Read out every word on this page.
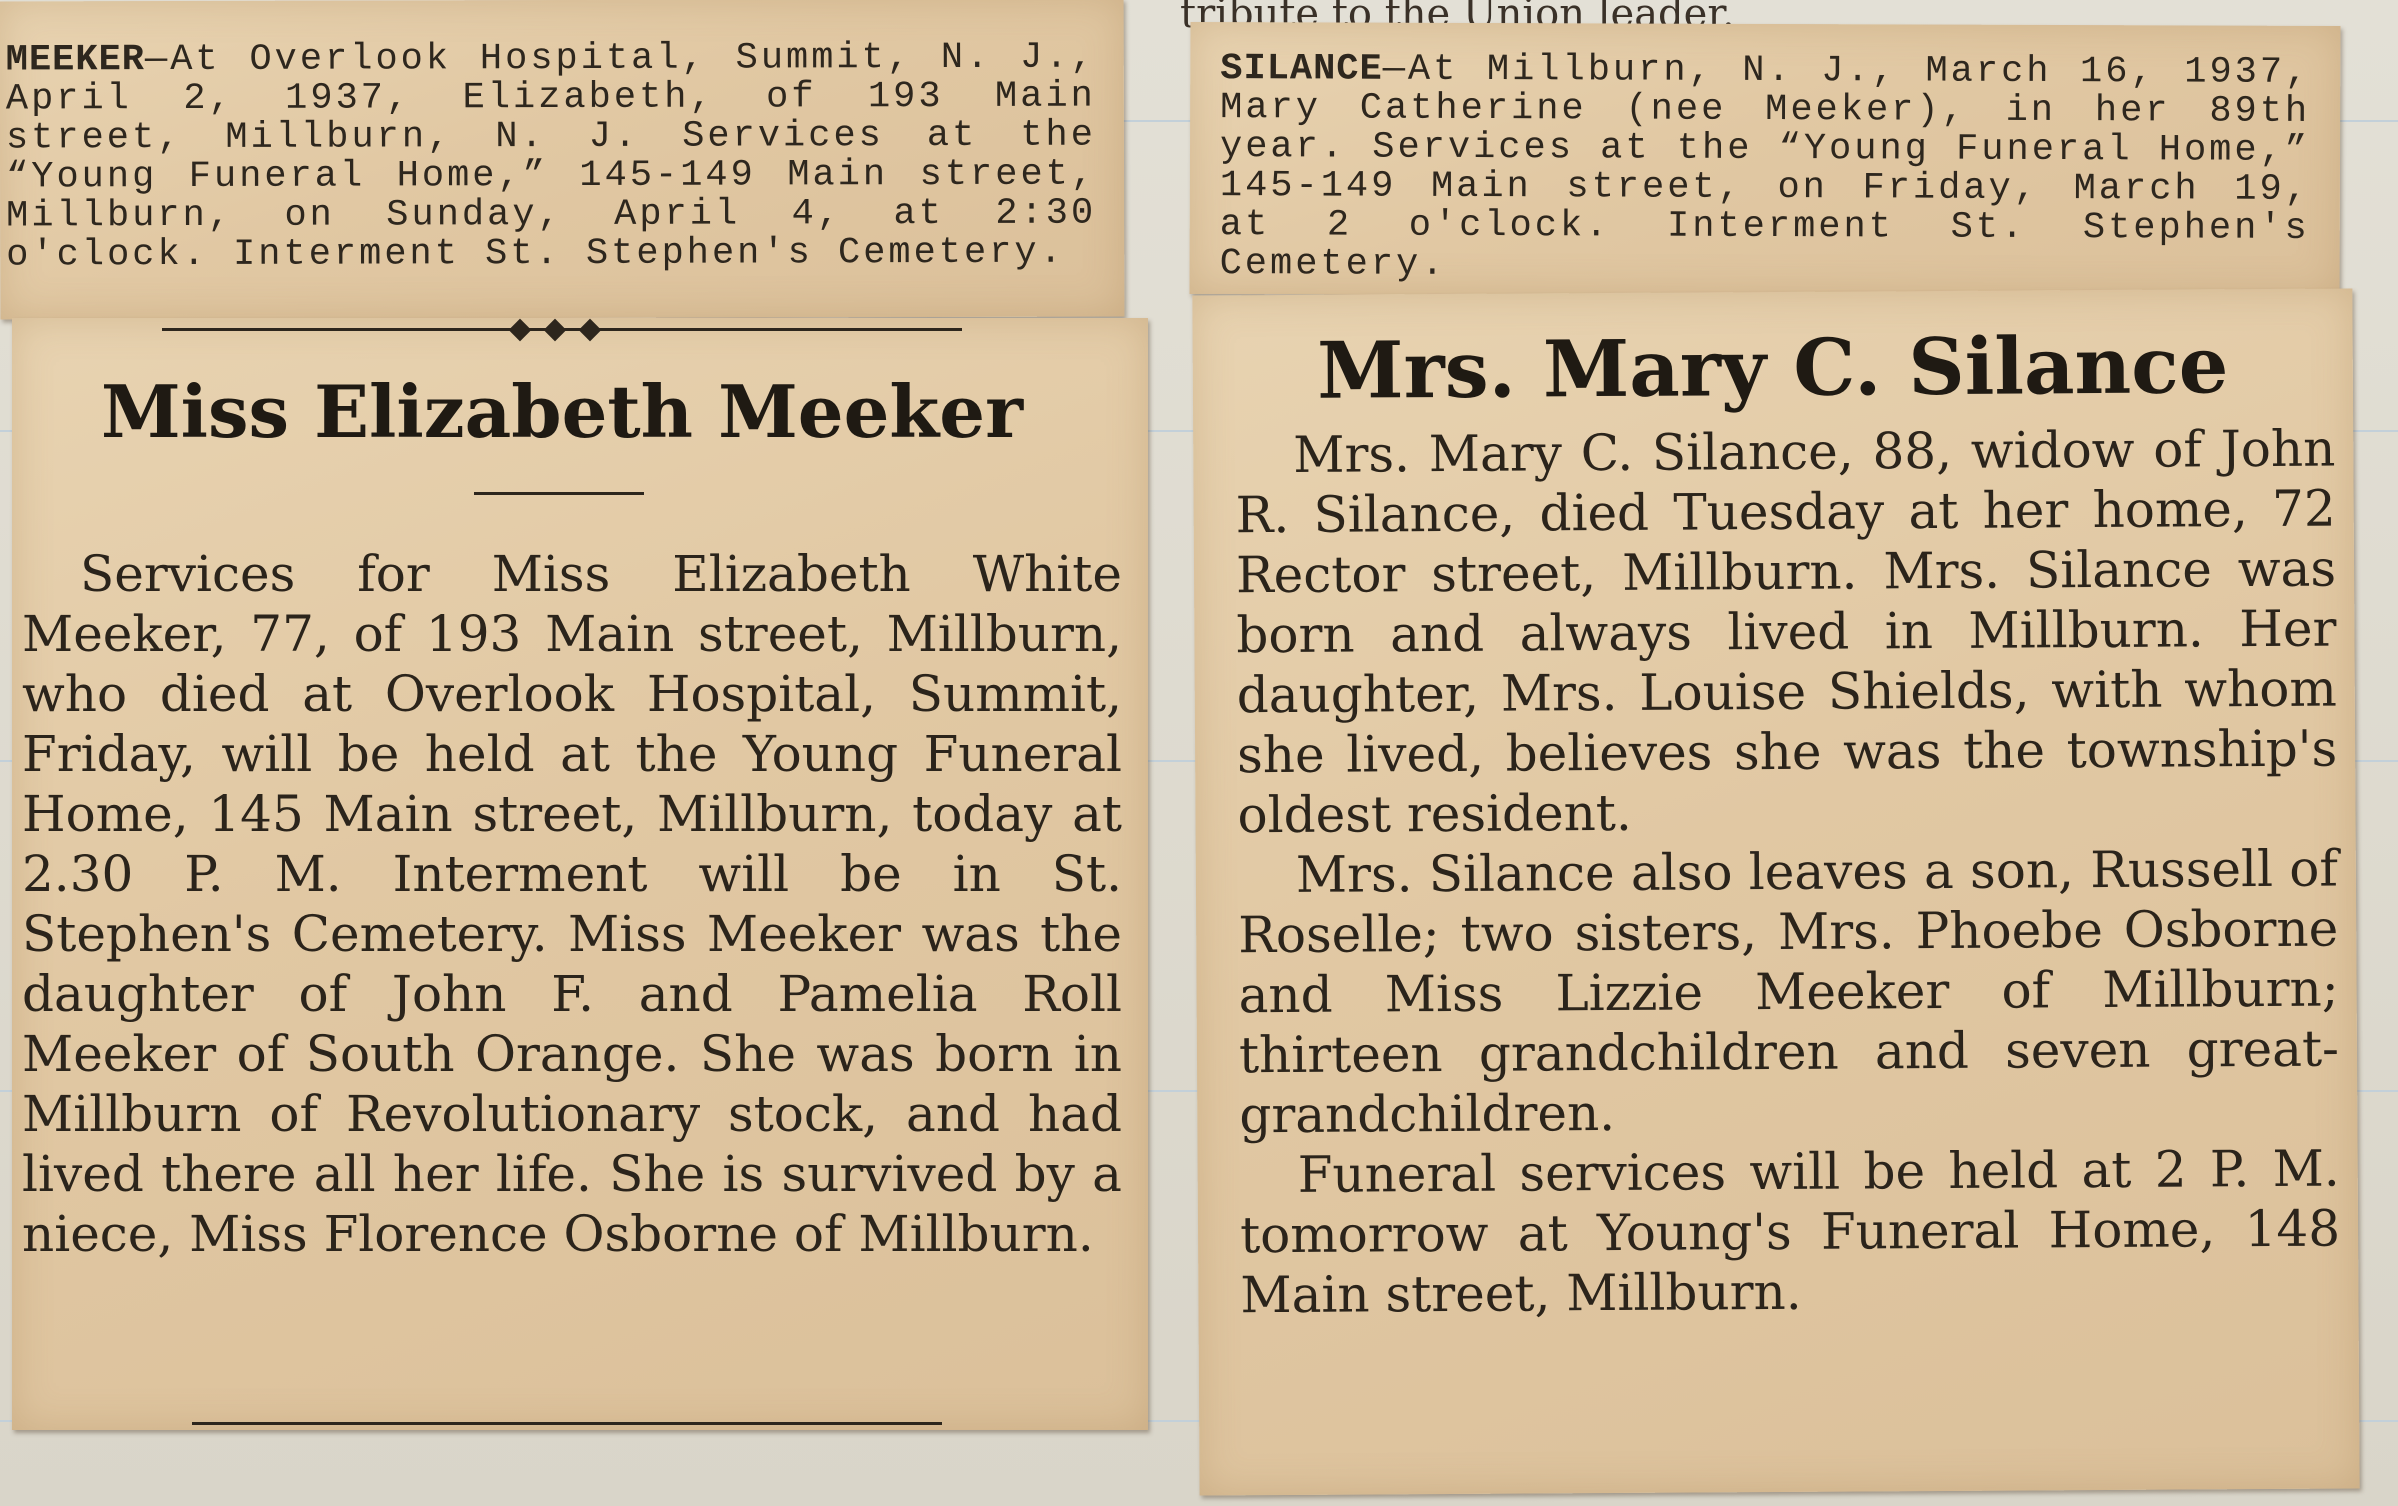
MEEKER—At Overlook Hospital, Summit, N. J., April 2, 1937, Elizabeth, of 193 Main street, Millburn, N. J. Services at the “Young Funeral Home,” 145-149 Main street, Millburn, on Sunday, April 4, at 2:30 o'clock. Interment St. Stephen's Cemetery.

SILANCE—At Millburn, N. J., March 16, 1937, Mary Catherine (nee Meeker), in her 89th year. Services at the “Young Funeral Home,” 145-149 Main street, on Friday, March 19, at 2 o'clock. Interment St. Stephen's Cemetery.

Miss Elizabeth Meeker

Services for Miss Elizabeth White Meeker, 77, of 193 Main street, Millburn, who died at Overlook Hospital, Summit, Friday, will be held at the Young Funeral Home, 145 Main street, Millburn, today at 2.30 P. M. Interment will be in St. Stephen's Cemetery. Miss Meeker was the daughter of John F. and Pamelia Roll Meeker of South Orange. She was born in Millburn of Revolutionary stock, and had lived there all her life. She is survived by a niece, Miss Florence Osborne of Millburn.

Mrs. Mary C. Silance

Mrs. Mary C. Silance, 88, widow of John R. Silance, died Tuesday at her home, 72 Rector street, Millburn. Mrs. Silance was born and always lived in Millburn. Her daughter, Mrs. Louise Shields, with whom she lived, believes she was the township's oldest resident.

Mrs. Silance also leaves a son, Russell of Roselle; two sisters, Mrs. Phoebe Osborne and Miss Lizzie Meeker of Millburn; thirteen grandchildren and seven great-grandchildren.

Funeral services will be held at 2 P. M. tomorrow at Young's Funeral Home, 148 Main street, Millburn.
